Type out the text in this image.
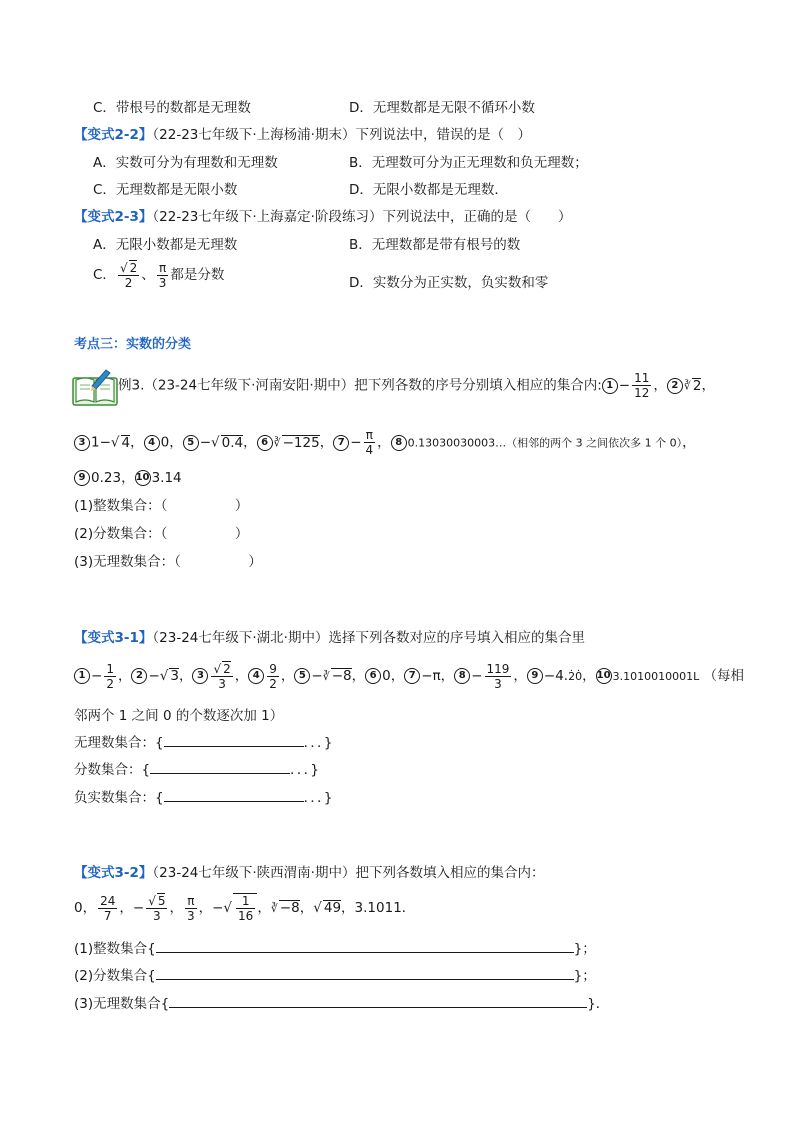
C．带根号的数都是无理数	D．无理数都是无限不循环小数
【变式2-2】（22-23七年级下·上海杨浦·期末）下列说法中，错误的是（　）
A．实数可分为有理数和无理数	B．无理数可分为正无理数和负无理数；
C．无理数都是无限小数	D．无限小数都是无理数．
【变式2-3】（22-23七年级下·上海嘉定·阶段练习）下列说法中，正确的是（　　）
A．无限小数都是无理数	B．无理数都是带有根号的数
C． $\frac{√ 2}{2}$ 、 $\frac{\pi}{3}$ 都是分数	D．实数分为正实数，负实数和零
考点三：实数的分类
例3.（23-24七年级下·河南安阳·期中）把下列各数的序号分别填入相应的集合内: $1 - \frac{11}{12}$ ， 2 ∛ 2，
3 1−√ 4， 4 0， 5 −√ 0.4， 6 ∛ −125， $7 - \frac{\pi}{4}$ ， 8 0.13030030003…（相邻的两个 3 之间依次多 1 个 0），
9 0.23，10 3.14
(1)整数集合：（　　　　　）
(2)分数集合：（　　　　　）
(3)无理数集合：（　　　　　）
【变式3-1】（23-24七年级下·湖北·期中）选择下列各数对应的序号填入相应的集合里
$1 - \frac{1}{2}$ ， 2 −√ 3， $3 \frac{√ 2}{3}$ ， $4 \frac{9}{2}$ ， 5 −∛ −8， 6 0， 7 −π， $8 - \frac{119}{3}$ ， 9 −4.2̇0̇，10 3.1010010001L （每相
邻两个 1 之间 0 的个数逐次加 1）
无理数集合：{	．．．}
分数集合：{	．．．}
负实数集合：{	．．．}
【变式3-2】（23-24七年级下·陕西渭南·期中）把下列各数填入相应的集合内：
0， $\frac{24}{7}$ ，− $\frac{√ 5}{3}$ ， $\frac{\pi}{3}$ ，−√ $\frac{1}{16}$ ，∛ −8，√ 49，3.1011．
(1)整数集合{	}；
(2)分数集合{	}；
(3)无理数集合{	}．
